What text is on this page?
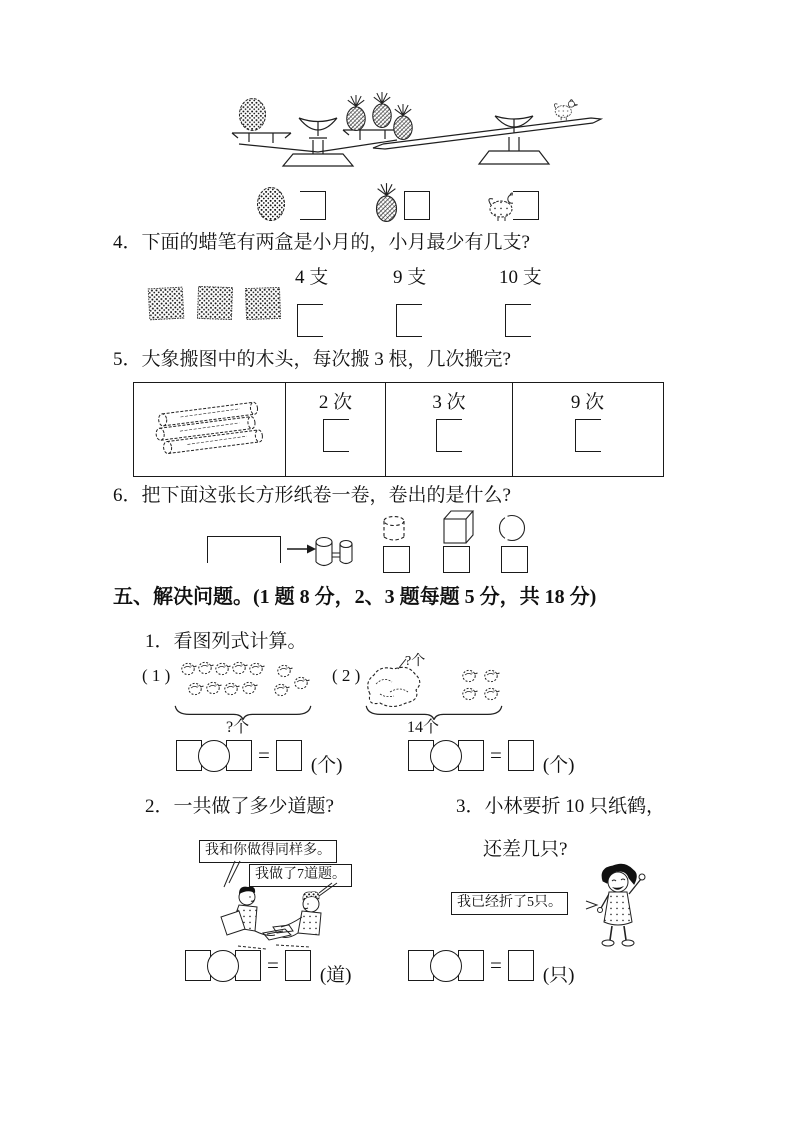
4．下面的蜡笔有两盒是小月的，小月最少有几支?
4 支	9 支	10 支
5．大象搬图中的木头，每次搬 3 根，几次搬完?
2 次	3 次	9 次
6．把下面这张长方形纸卷一卷，卷出的是什么?
五、解决问题。(1 题 8 分，2、3 题每题 5 分，共 18 分)
1．看图列式计算。
( 1 )
?个
( 2 )
?个
14个
= (个)	= (个)
2．一共做了多少道题?	3．小林要折 10 只纸鹤，
还差几只?
我和你做得同样多。
我做了7道题。
我已经折了5只。
= (道)	= (只)
